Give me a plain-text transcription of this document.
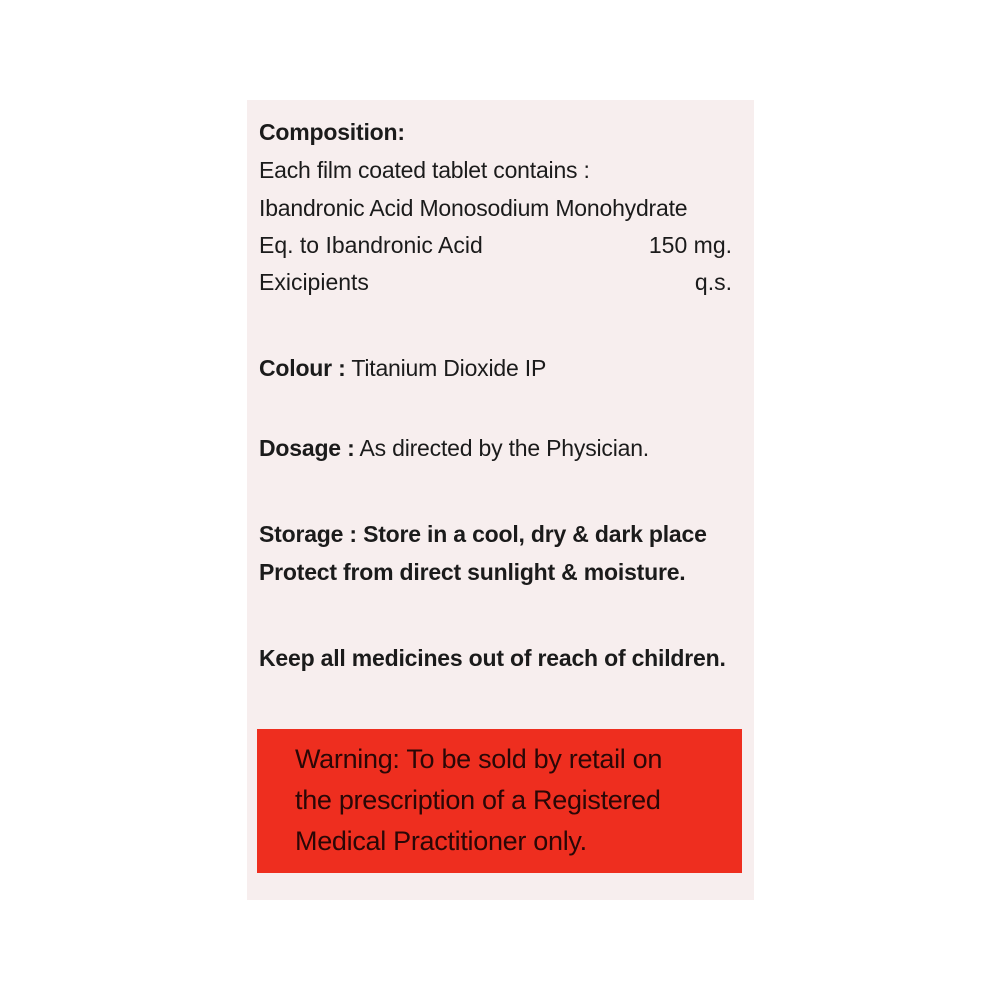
Composition:
Each film coated tablet contains :
Ibandronic Acid Monosodium Monohydrate
Eq. to Ibandronic Acid	150 mg.
Exicipients	q.s.
Colour : Titanium Dioxide IP
Dosage : As directed by the Physician.
Storage : Store in a cool, dry & dark place
Protect from direct sunlight & moisture.
Keep all medicines out of reach of children.
Warning: To be sold by retail on
the prescription of a Registered
Medical Practitioner only.
